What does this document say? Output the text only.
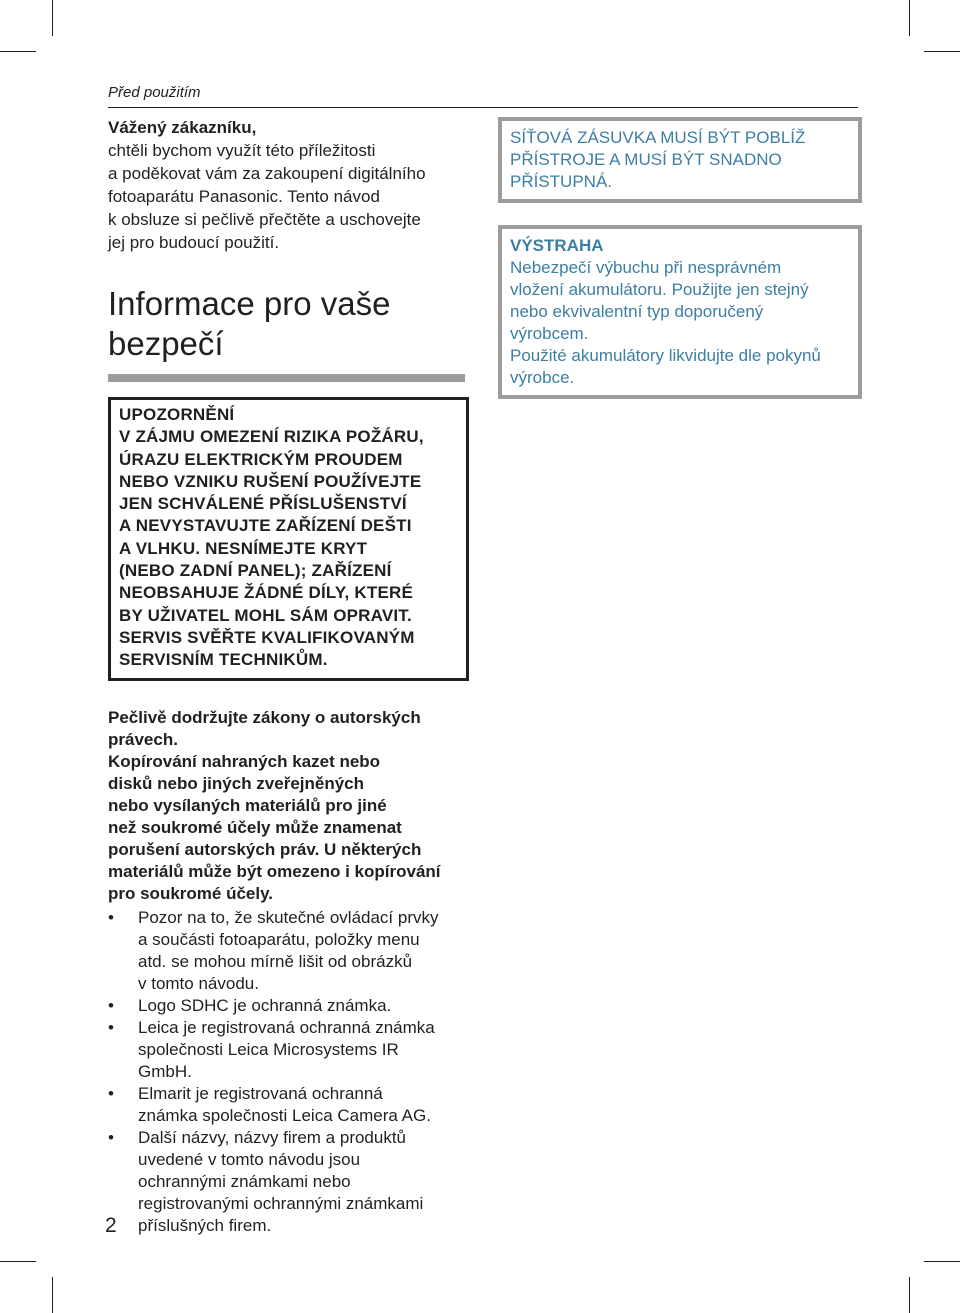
Před použitím
Vážený zákazníku,

chtěli bychom využít této příležitosti

a poděkovat vám za zakoupení digitálního

fotoaparátu Panasonic. Tento návod

k obsluze si pečlivě přečtěte a uschovejte

jej pro budoucí použití.

Informace pro vaše
bezpečí

UPOZORNĚNÍ

V ZÁJMU OMEZENÍ RIZIKA POŽÁRU,

ÚRAZU ELEKTRICKÝM PROUDEM

NEBO VZNIKU RUŠENÍ POUŽÍVEJTE

JEN SCHVÁLENÉ PŘÍSLUŠENSTVÍ

A NEVYSTAVUJTE ZAŘÍZENÍ DEŠTI

A VLHKU. NESNÍMEJTE KRYT

(NEBO ZADNÍ PANEL); ZAŘÍZENÍ

NEOBSAHUJE ŽÁDNÉ DÍLY, KTERÉ

BY UŽIVATEL MOHL SÁM OPRAVIT.

SERVIS SVĚŘTE KVALIFIKOVANÝM

SERVISNÍM TECHNIKŮM.

Pečlivě dodržujte zákony o autorských

právech.

Kopírování nahraných kazet nebo

disků nebo jiných zveřejněných

nebo vysílaných materiálů pro jiné

než soukromé účely může znamenat

porušení autorských práv. U některých

materiálů může být omezeno i kopírování

pro soukromé účely.

• Pozor na to, že skutečné ovládací prvky

a součásti fotoaparátu, položky menu

atd. se mohou mírně lišit od obrázků

v tomto návodu.

• Logo SDHC je ochranná známka.

• Leica je registrovaná ochranná známka

společnosti Leica Microsystems IR

GmbH.

• Elmarit je registrovaná ochranná

známka společnosti Leica Camera AG.

• Další názvy, názvy firem a produktů

uvedené v tomto návodu jsou

ochrannými známkami nebo

registrovanými ochrannými známkami

příslušných firem.

SÍŤOVÁ ZÁSUVKA MUSÍ BÝT POBLÍŽ

PŘÍSTROJE A MUSÍ BÝT SNADNO

PŘÍSTUPNÁ.

VÝSTRAHA

Nebezpečí výbuchu při nesprávném

vložení akumulátoru. Použijte jen stejný

nebo ekvivalentní typ doporučený

výrobcem.

Použité akumulátory likvidujte dle pokynů

výrobce.

2
